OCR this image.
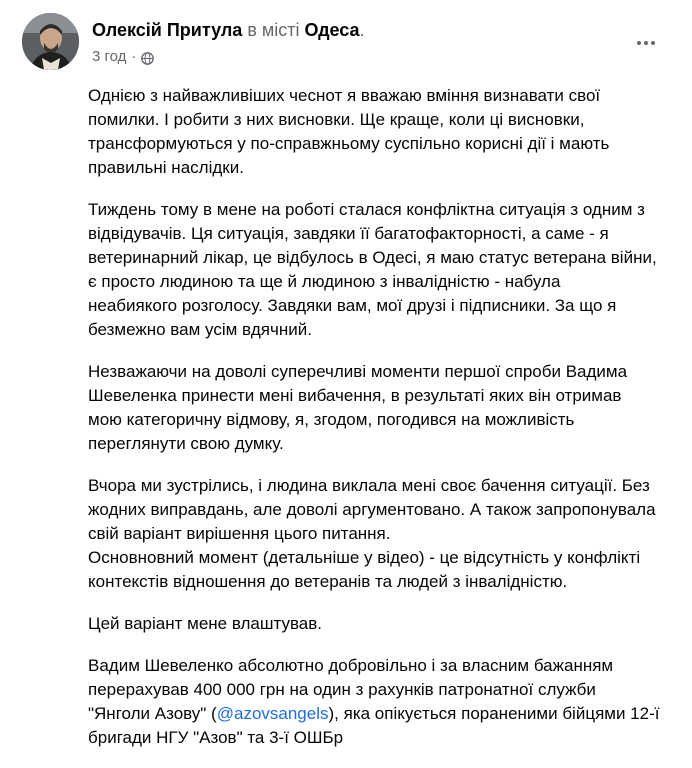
Олексій Притула в місті Одеса.
3 год ·
Однією з найважливіших чеснот я вважаю вміння визнавати свої
помилки. І робити з них висновки. Ще краще, коли ці висновки,
трансформуються у по-справжньому суспільно корисні дії і мають
правильні наслідки.
Тиждень тому в мене на роботі сталася конфліктна ситуація з одним з
відвідувачів. Ця ситуація, завдяки її багатофакторності, а саме - я
ветеринарний лікар, це відбулось в Одесі, я маю статус ветерана війни,
є просто людиною та ще й людиною з інвалідністю - набула
неабиякого розголосу. Завдяки вам, мої друзі і підписники. За що я
безмежно вам усім вдячний.
Незважаючи на доволі суперечливі моменти першої спроби Вадима
Шевеленка принести мені вибачення, в результаті яких він отримав
мою категоричну відмову, я, згодом, погодився на можливість
переглянути свою думку.
Вчора ми зустрілись, і людина виклала мені своє бачення ситуації. Без
жодних виправдань, але доволі аргументовано. А також запропонувала
свій варіант вирішення цього питання.
Основновний момент (детальніше у відео) - це відсутність у конфлікті
контекстів відношення до ветеранів та людей з інвалідністю.
Цей варіант мене влаштував.
Вадим Шевеленко абсолютно добровільно і за власним бажанням
перерахував 400 000 грн на один з рахунків патронатної служби
"Янголи Азову" (@azovsangels), яка опікується пораненими бійцями 12-ї
бригади НГУ "Азов" та 3-ї ОШБр
